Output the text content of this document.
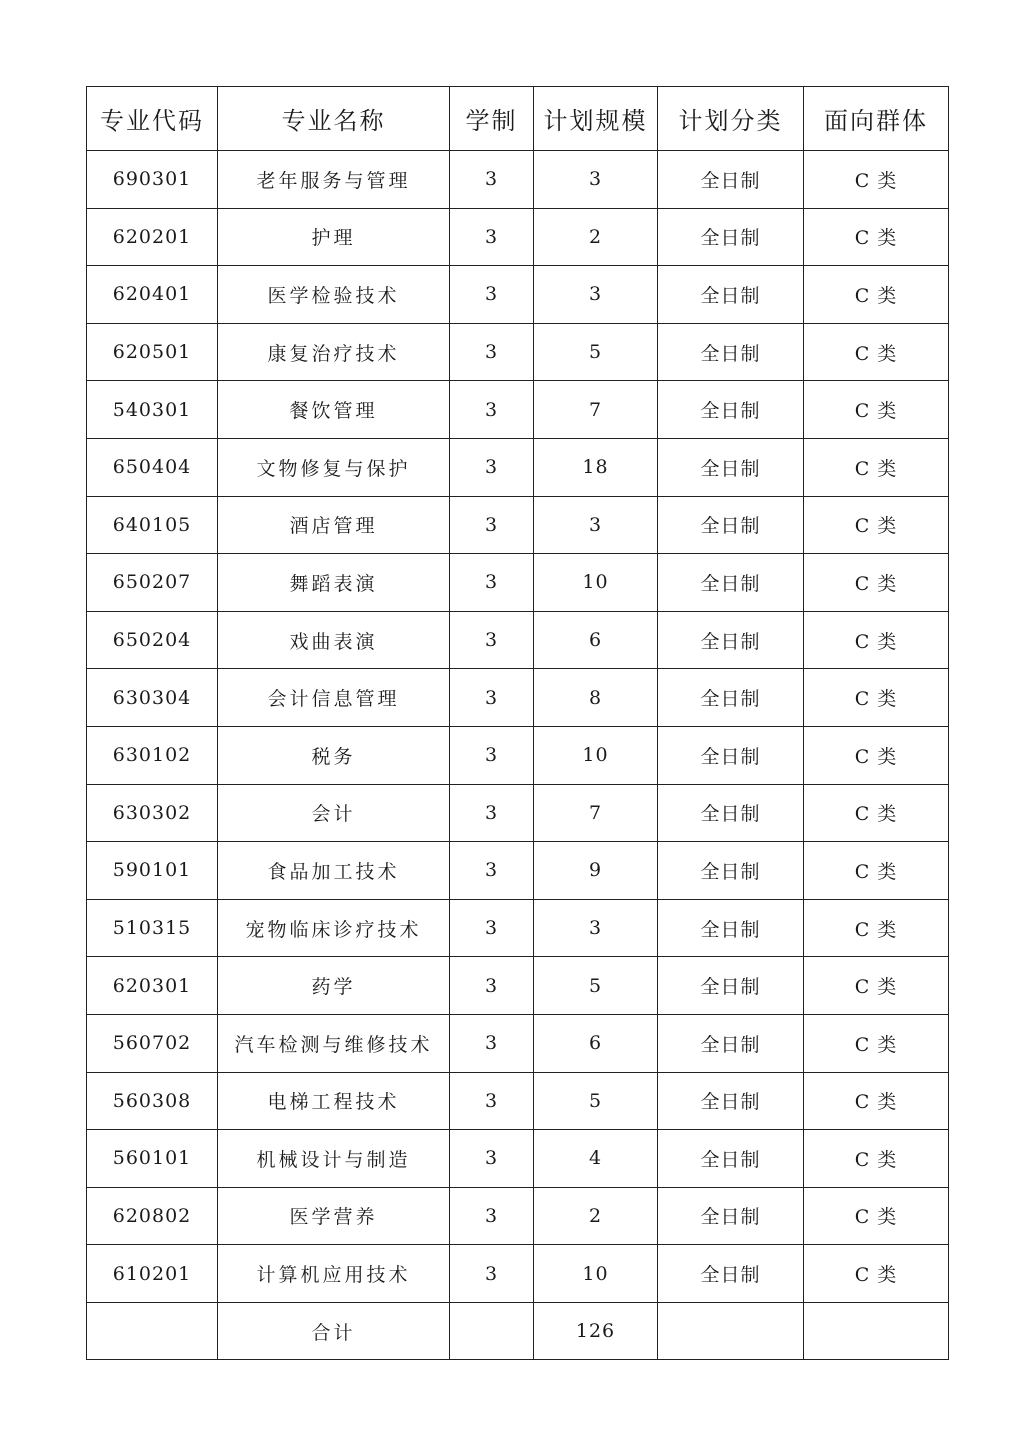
专业代码	专业名称	学制	计划规模	计划分类	面向群体
690301	老年服务与管理	3	3	全日制	C 类
620201	护理	3	2	全日制	C 类
620401	医学检验技术	3	3	全日制	C 类
620501	康复治疗技术	3	5	全日制	C 类
540301	餐饮管理	3	7	全日制	C 类
650404	文物修复与保护	3	18	全日制	C 类
640105	酒店管理	3	3	全日制	C 类
650207	舞蹈表演	3	10	全日制	C 类
650204	戏曲表演	3	6	全日制	C 类
630304	会计信息管理	3	8	全日制	C 类
630102	税务	3	10	全日制	C 类
630302	会计	3	7	全日制	C 类
590101	食品加工技术	3	9	全日制	C 类
510315	宠物临床诊疗技术	3	3	全日制	C 类
620301	药学	3	5	全日制	C 类
560702	汽车检测与维修技术	3	6	全日制	C 类
560308	电梯工程技术	3	5	全日制	C 类
560101	机械设计与制造	3	4	全日制	C 类
620802	医学营养	3	2	全日制	C 类
610201	计算机应用技术	3	10	全日制	C 类
	合计		126		
